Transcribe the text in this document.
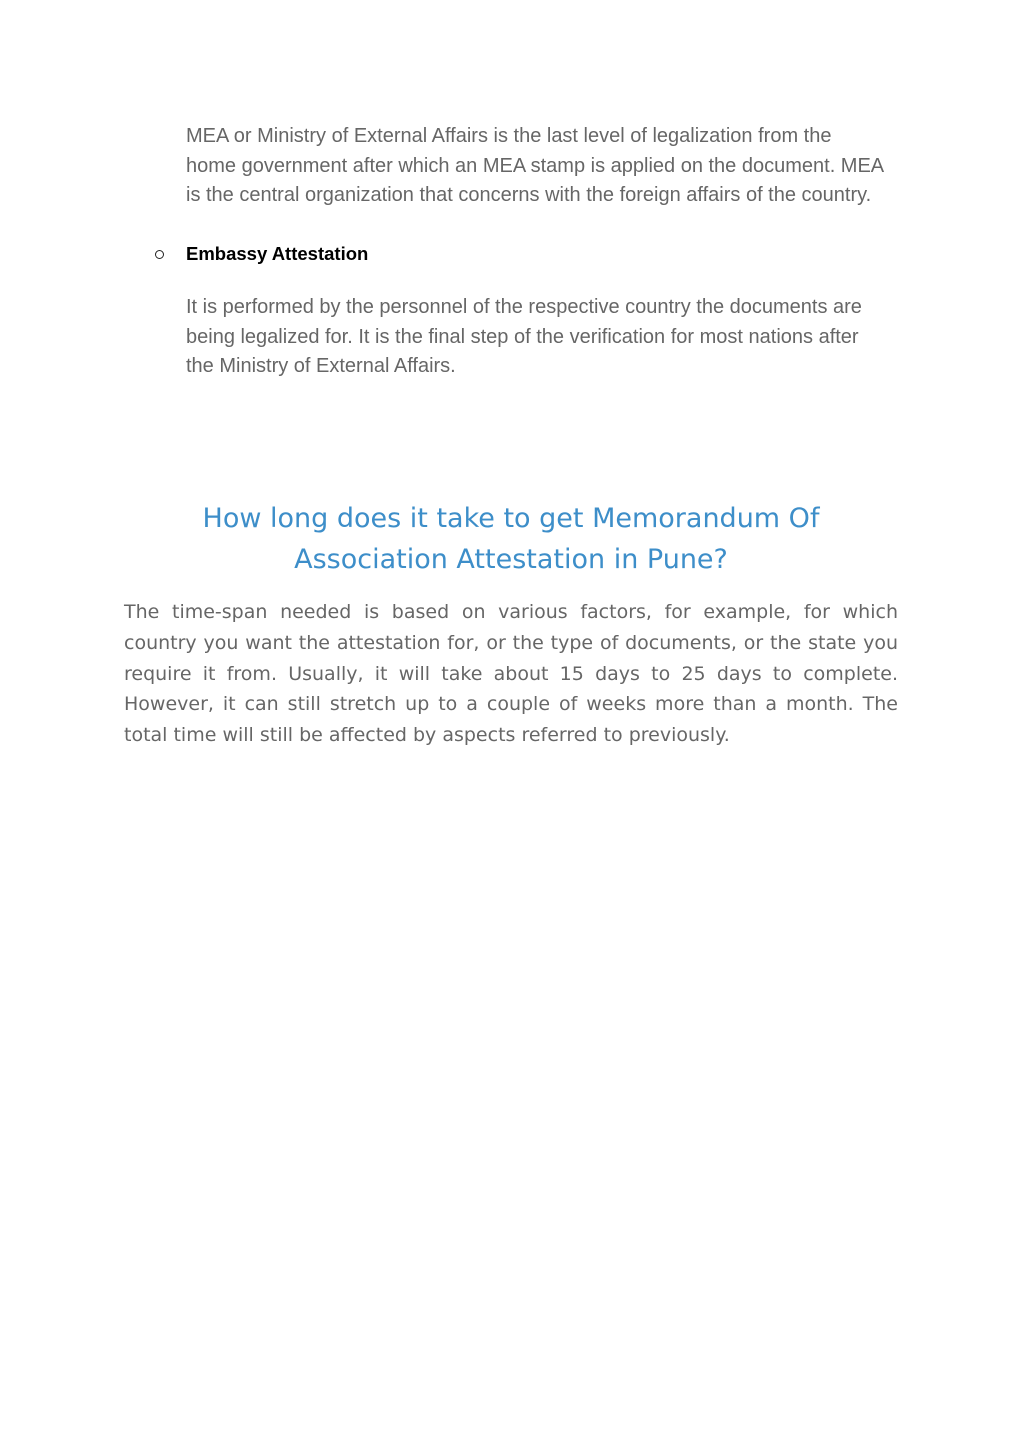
MEA or Ministry of External Affairs is the last level of legalization from the home government after which an MEA stamp is applied on the document. MEA is the central organization that concerns with the foreign affairs of the country.

Embassy Attestation

It is performed by the personnel of the respective country the documents are being legalized for. It is the final step of the verification for most nations after the Ministry of External Affairs.

How long does it take to get Memorandum Of Association Attestation in Pune?

The time-span needed is based on various factors, for example, for which country you want the attestation for, or the type of documents, or the state you require it from. Usually, it will take about 15 days to 25 days to complete. However, it can still stretch up to a couple of weeks more than a month. The total time will still be affected by aspects referred to previously.
